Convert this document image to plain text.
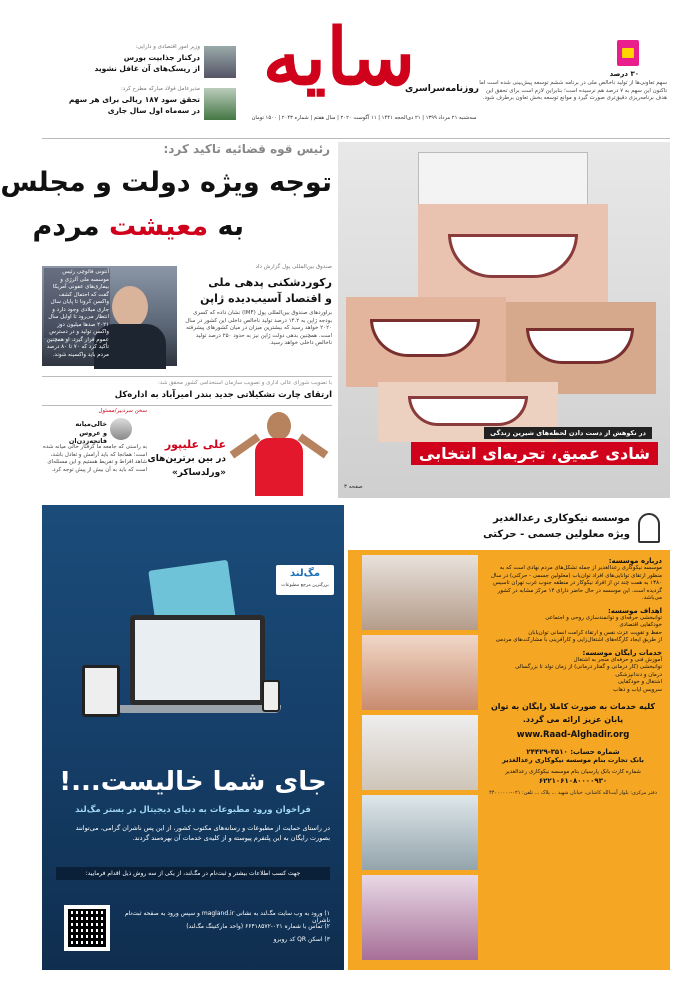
وزیر امور اقتصادی و دارایی:
درکنار جذابیت بورس
از ریسک‌های آن غافل نشوید
مدیرعامل فولاد مبارکه مطرح کرد:
تحقق سود ۱۸۷ ریالی برای هر سهم
در سه‌ماه اول سال جاری
سایه
روزنامه‌سراسری
سه‌شنبه ۲۱ مرداد ۱۳۹۹ | ۲۱ ذی‌الحجه ۱۴۴۱ | ۱۱ آگوست ۲۰۲۰ | سال هفتم | شماره ۲۰۴۳ | ۱۵۰۰ تومان
۳۰ درصد
سهم تعاونی‌ها از تولید ناخالص ملی در برنامه ششم توسعه پیش‌بینی شده است اما تاکنون این سهم به ۷ درصد هم نرسیده است؛ بنابراین لازم است برای تحقق این هدف برنامه‌ریزی دقیق‌تری صورت گیرد و موانع توسعه بخش تعاون برطرف شود.
رئیس قوه قضائیه تاکید کرد:
توجه ویژه دولت و مجلس
به معیشت مردم
صندوق بین‌المللی پول گزارش داد
رکوردشکنی پدهی ملی
و اقتصاد آسیب‌دیده ژاپن
براوردهای صندوق بین‌المللی پول (IMF) نشان داده که کسری بودجه ژاپن به ۱۴.۲ درصد تولید ناخالص داخلی این کشور در سال ۲۰۲۰ خواهد رسید که بیشترین میزان در میان کشورهای پیشرفته است. همچنین بدهی دولت ژاپن نیز به حدود ۲۵۰ درصد تولید ناخالص داخلی خواهد رسید.
آنتونی فائوچی رئیس موسسه ملی آلرژی و بیماری‌های عفونی آمریکا گفت که احتمال کشف واکسن کرونا تا پایان سال جاری میلادی وجود دارد و انتظار می‌رود تا اوایل سال ۲۰۲۱ صدها میلیون دوز واکسن تولید و در دسترس عموم قرار گیرد. او همچنین تأکید کرد که ۷۰ تا ۸۰ درصد مردم باید واکسینه شوند.
با تصویب شورای عالی اداری و تصویب سازمان استخدامی کشور محقق شد:
ارتقای چارت تشکیلاتی جدید بندر امیرآباد به اداره‌کل
سخن سردبیر/مسئول
خالی‌میانه
و عروس فاتحه‌زدن‌ان
به راستی که جامعه ما گرفتار خالی میانه شده است؛ همانجا که باید آرامش و تعادل باشد، شاهد افراط و تفریط هستیم و این مسئله‌ای است که باید به آن بیش از پیش توجه کرد.
علی علیپور
در بین برترین‌های
«ورلدساکر»
در نکوهش از دست دادن لحظه‌های شیرین زندگی
شادی عمیق، تجربه‌ای انتخابی
صفحه ۳
مگ‌لند
بزرگترین مرجع مطبوعات
جای شما خالیست...!
فراخوان ورود مطبوعات به دنیای دیجیتال در بستر مگ‌لند
در راستای حمایت از مطبوعات و رسانه‌های مکتوب کشور، از این پس ناشران گرامی، می‌توانند بصورت رایگان به این پلتفرم پیوسته و از کلیه‌ی خدمات آن بهره‌مند گردند.
جهت کسب اطلاعات بیشتر و ثبت‌نام در مگ‌لند، از یکی از سه روش ذیل اقدام فرمایید:
۱) ورود به وب سایت مگ‌لند به نشانی magland.ir و سپس ورود به صفحه ثبت‌نام ناشران
۲) تماس با شماره ۰۲۱-۶۶۴۱۸۵۷۲ (واحد مارکتینگ مگ‌لند)
۳) اسکن QR کد روبرو
موسسه نیکوکاری رعدالغدیر
ویژه معلولین جسمی - حرکتی
درباره موسسه:
موسسه نیکوکاری رعدالغدیر از جمله تشکل‌های مردم نهادی است که به منظور ارتقای توانایی‌های افراد توان‌یاب (معلولین جسمی - حرکتی) در سال ۱۳۸۰ به همت چند تن از افراد نیکوکار در منطقه جنوب غرب تهران تاسیس گردیده است. این موسسه در حال حاضر دارای ۱۴ مرکز مشابه در کشور می‌باشد.
اهداف موسسه:
توانبخشی حرفه‌ای و توانمندسازی روحی و اجتماعی
خودکفایی اقتصادی
حفظ و تقویت عزت نفس و ارتقاء کرامت انسانی توان‌یابان
از طریق ایجاد کارگاه‌های اشتغال‌زایی و کارآفرینی با مشارکت‌های مردمی
خدمات رایگان موسسه:
آموزش فنی و حرفه‌ای منجر به اشتغال
توانبخشی (کار درمانی و گفتار درمانی) از زمان تولد تا بزرگسالی
درمان و دندانپزشکی
اشتغال و خودکفایی
سرویس ایاب و ذهاب
کلیه خدمات به صورت کاملا رایگان به توان یابان عزیز ارائه می گردد.
www.Raad-Alghadir.org
شماره حساب: ۳۵۱۰-۲۴۴۲۹
بانک تجارت بنام موسسه نیکوکاری رعدالغدیر
شماره کارت بانک پارسیان بنام موسسه نیکوکاری رعدالغدیر
۶۲۲۱۰۶۱۰۸۰۰۰۰۹۳۰
دفتر مرکزی: بلوار آیت‌الله کاشانی، خیابان شهید ... پلاک ... تلفن: ۰۲۱-۴۴۰۰۰۰۰۰
